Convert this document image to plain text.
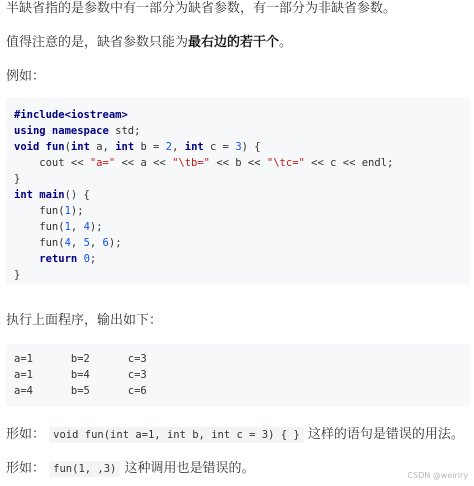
半缺省指的是参数中有一部分为缺省参数，有一部分为非缺省参数。
值得注意的是，缺省参数只能为最右边的若干个。
例如：
#include<iostream>
using namespace std;
void fun(int a, int b = 2, int c = 3) {
cout << "a=" << a << "\tb=" << b << "\tc=" << c << endl;
}
int main() {
fun(1);
fun(1, 4);
fun(4, 5, 6);
return 0;
}
执行上面程序，输出如下：
a=1      b=2      c=3
a=1      b=4      c=3
a=4      b=5      c=6
形如： void fun(int a=1, int b, int c = 3) { } 这样的语句是错误的用法。
形如： fun(1, ,3) 这种调用也是错误的。	CSDN @weiriry
